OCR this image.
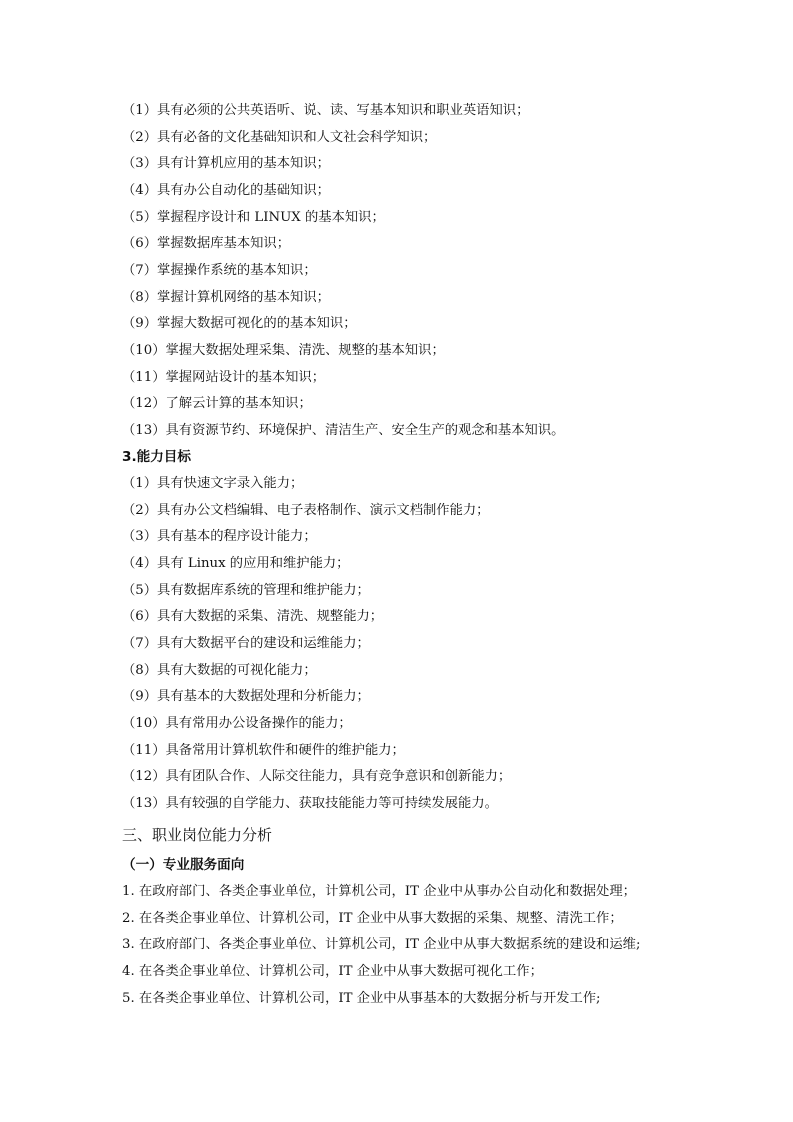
（1）具有必须的公共英语听、说、读、写基本知识和职业英语知识；
（2）具有必备的文化基础知识和人文社会科学知识；
（3）具有计算机应用的基本知识；
（4）具有办公自动化的基础知识；
（5）掌握程序设计和 LINUX 的基本知识；
（6）掌握数据库基本知识；
（7）掌握操作系统的基本知识；
（8）掌握计算机网络的基本知识；
（9）掌握大数据可视化的的基本知识；
（10）掌握大数据处理采集、清洗、规整的基本知识；
（11）掌握网站设计的基本知识；
（12）了解云计算的基本知识；
（13）具有资源节约、环境保护、清洁生产、安全生产的观念和基本知识。
3.能力目标
（1）具有快速文字录入能力；
（2）具有办公文档编辑、电子表格制作、演示文档制作能力；
（3）具有基本的程序设计能力；
（4）具有 Linux 的应用和维护能力；
（5）具有数据库系统的管理和维护能力；
（6）具有大数据的采集、清洗、规整能力；
（7）具有大数据平台的建设和运维能力；
（8）具有大数据的可视化能力；
（9）具有基本的大数据处理和分析能力；
（10）具有常用办公设备操作的能力；
（11）具备常用计算机软件和硬件的维护能力；
（12）具有团队合作、人际交往能力，具有竞争意识和创新能力；
（13）具有较强的自学能力、获取技能能力等可持续发展能力。
三、职业岗位能力分析
（一）专业服务面向
1. 在政府部门、各类企事业单位，计算机公司，IT 企业中从事办公自动化和数据处理；
2. 在各类企事业单位、计算机公司，IT 企业中从事大数据的采集、规整、清洗工作；
3. 在政府部门、各类企事业单位、计算机公司，IT 企业中从事大数据系统的建设和运维;
4. 在各类企事业单位、计算机公司，IT 企业中从事大数据可视化工作；
5. 在各类企事业单位、计算机公司，IT 企业中从事基本的大数据分析与开发工作;
